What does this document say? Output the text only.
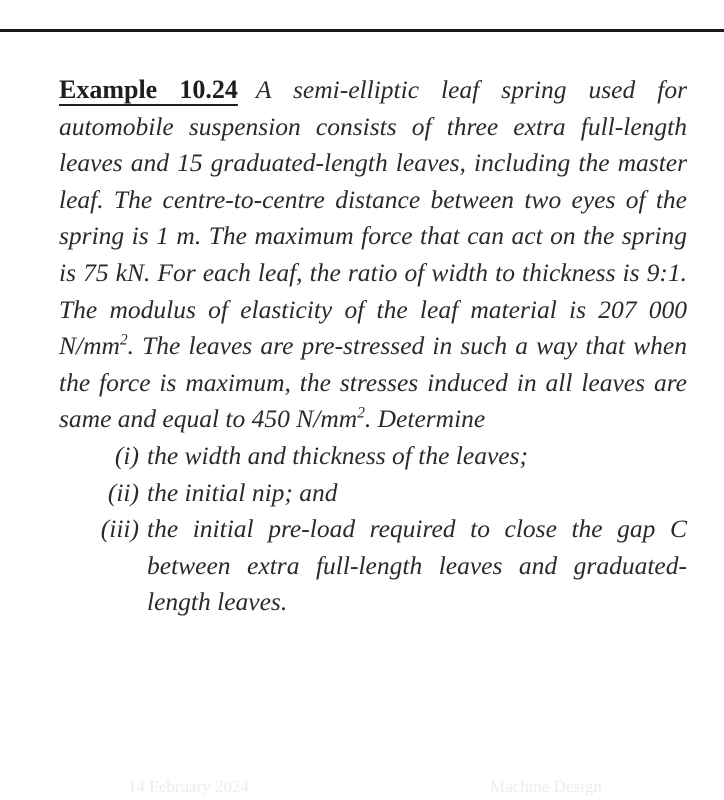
Example 10.24 A semi-elliptic leaf spring used for automobile suspension consists of three extra full-length leaves and 15 graduated-length leaves, including the master leaf. The centre-to-centre distance between two eyes of the spring is 1 m. The maximum force that can act on the spring is 75 kN. For each leaf, the ratio of width to thickness is 9:1. The modulus of elasticity of the leaf material is 207 000 $N/mm^2$. The leaves are pre-stressed in such a way that when the force is maximum, the stresses induced in all leaves are same and equal to 450 $N/mm^2$. Determine

(i) the width and thickness of the leaves;
(ii) the initial nip; and
(iii) the initial pre-load required to close the gap C between extra full-length leaves and graduated-length leaves.
14 February 2024	Machine Design
